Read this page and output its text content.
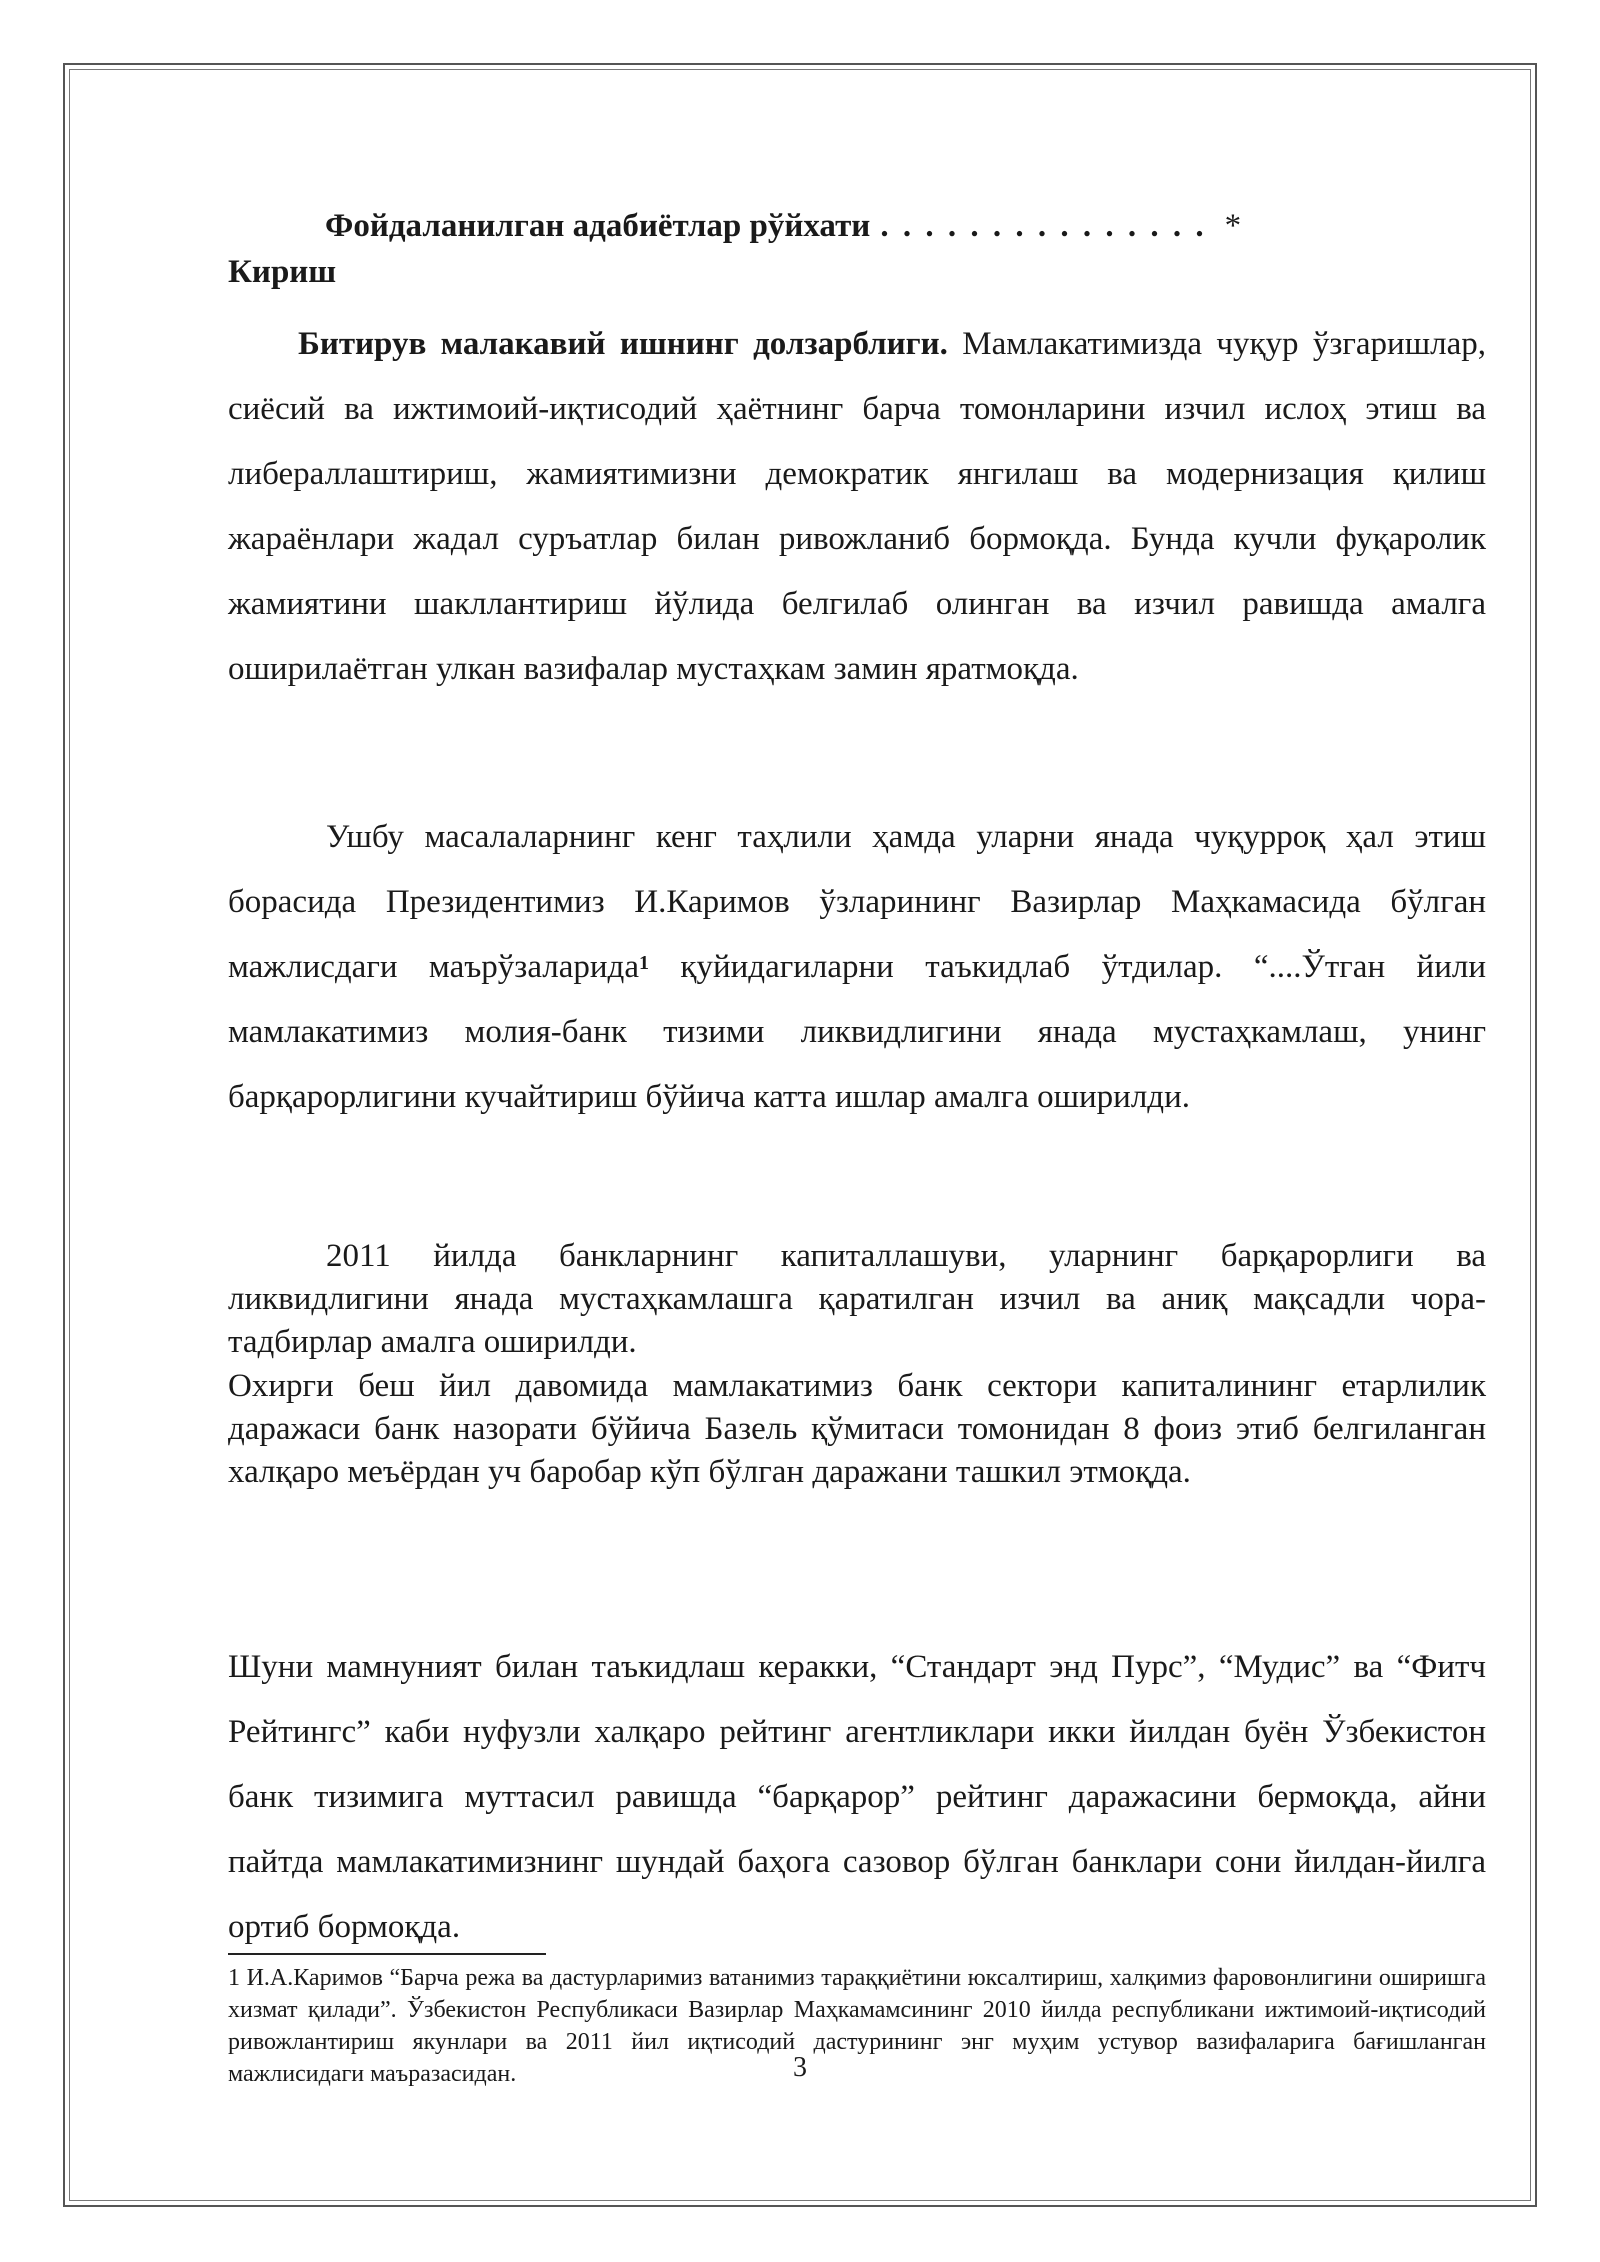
Фойдаланилган адабиётлар рўйхати . . . . . . . . . . . . . . . *
Кириш

Битирув малакавий ишнинг долзарблиги. Мамлакатимизда чуқур ўзгаришлар, сиёсий ва ижтимоий-иқтисодий ҳаётнинг барча томонларини изчил ислоҳ этиш ва либераллаштириш, жамиятимизни демократик янгилаш ва модернизация қилиш жараёнлари жадал суръатлар билан ривожланиб бормоқда. Бунда кучли фуқаролик жамиятини шакллантириш йўлида белгилаб олинган ва изчил равишда амалга оширилаётган улкан вазифалар мустаҳкам замин яратмоқда.

Ушбу масалаларнинг кенг таҳлили ҳамда уларни янада чуқурроқ ҳал этиш борасида Президентимиз И.Каримов ўзларининг Вазирлар Маҳкамасида бўлган мажлисдаги маърўзаларида$^1$ қуйидагиларни таъкидлаб ўтдилар. “....Ўтган йили мамлакатимиз молия-банк тизими ликвидлигини янада мустаҳкамлаш, унинг барқарорлигини кучайтириш бўйича катта ишлар амалга оширилди.

2011 йилда банкларнинг капиталлашуви, уларнинг барқарорлиги ва ликвидлигини янада мустаҳкамлашга қаратилган изчил ва аниқ мақсадли чора-тадбирлар амалга оширилди.

Охирги беш йил давомида мамлакатимиз банк сектори капиталининг етарлилик даражаси банк назорати бўйича Базель қўмитаси томонидан 8 фоиз этиб белгиланган халқаро меъёрдан уч баробар кўп бўлган даражани ташкил этмоқда.

Шуни мамнуният билан таъкидлаш керакки, “Стандарт энд Пурс”, “Мудис” ва “Фитч Рейтингс” каби нуфузли халқаро рейтинг агентликлари икки йилдан буён Ўзбекистон банк тизимига муттасил равишда “барқарор” рейтинг даражасини бермоқда, айни пайтда мамлакатимизнинг шундай баҳога сазовор бўлган банклари сони йилдан-йилга ортиб бормоқда.

1 И.А.Каримов “Барча режа ва дастурларимиз ватанимиз тараққиётини юксалтириш, халқимиз фаровонлигини оширишга хизмат қилади”. Ўзбекистон Республикаси Вазирлар Маҳкамамсининг 2010 йилда республикани ижтимоий-иқтисодий ривожлантириш якунлари ва 2011 йил иқтисодий дастурининг энг муҳим устувор вазифаларига бағишланган мажлисидаги маъразасидан.	3
